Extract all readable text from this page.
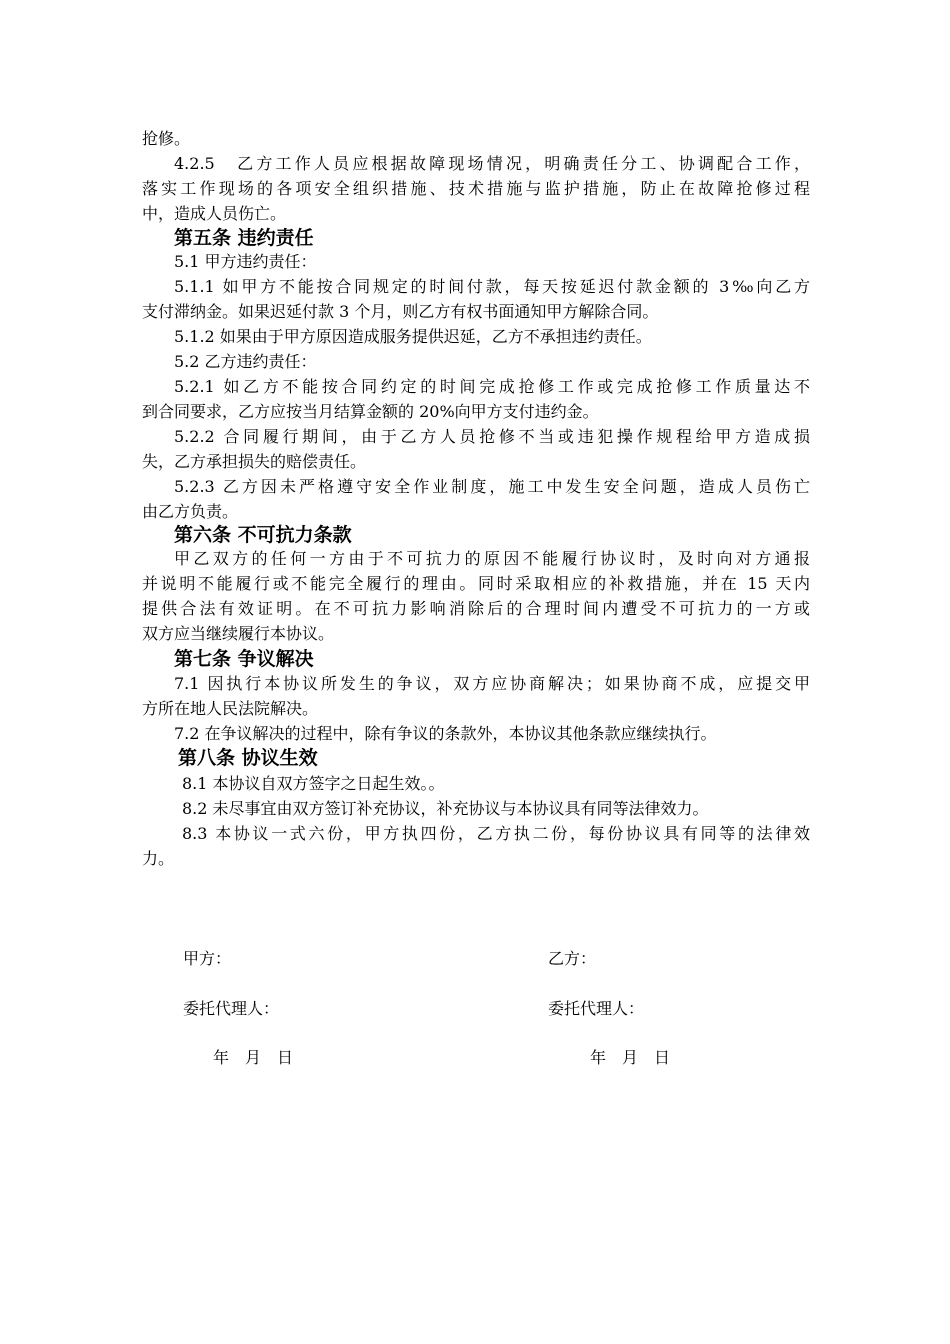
抢修。
4.2.5　乙方工作人员应根据故障现场情况，明确责任分工、协调配合工作，
落实工作现场的各项安全组织措施、技术措施与监护措施，防止在故障抢修过程
中，造成人员伤亡。
第五条 违约责任
5.1 甲方违约责任：
5.1.1 如甲方不能按合同规定的时间付款，每天按延迟付款金额的 3‰向乙方
支付滞纳金。如果迟延付款 3 个月，则乙方有权书面通知甲方解除合同。
5.1.2 如果由于甲方原因造成服务提供迟延，乙方不承担违约责任。
5.2 乙方违约责任：
5.2.1 如乙方不能按合同约定的时间完成抢修工作或完成抢修工作质量达不
到合同要求，乙方应按当月结算金额的 20%向甲方支付违约金。
5.2.2 合同履行期间，由于乙方人员抢修不当或违犯操作规程给甲方造成损
失，乙方承担损失的赔偿责任。
5.2.3 乙方因未严格遵守安全作业制度，施工中发生安全问题，造成人员伤亡
由乙方负责。
第六条 不可抗力条款
甲乙双方的任何一方由于不可抗力的原因不能履行协议时，及时向对方通报
并说明不能履行或不能完全履行的理由。同时采取相应的补救措施，并在 15 天内
提供合法有效证明。在不可抗力影响消除后的合理时间内遭受不可抗力的一方或
双方应当继续履行本协议。
第七条 争议解决
7.1 因执行本协议所发生的争议，双方应协商解决；如果协商不成，应提交甲
方所在地人民法院解决。
7.2 在争议解决的过程中，除有争议的条款外，本协议其他条款应继续执行。
第八条 协议生效
8.1 本协议自双方签字之日起生效。。
8.2 未尽事宜由双方签订补充协议，补充协议与本协议具有同等法律效力。
8.3 本协议一式六份，甲方执四份，乙方执二份，每份协议具有同等的法律效
力。
甲方：	乙方：
委托代理人：	委托代理人：
年　月　日	年　月　日
